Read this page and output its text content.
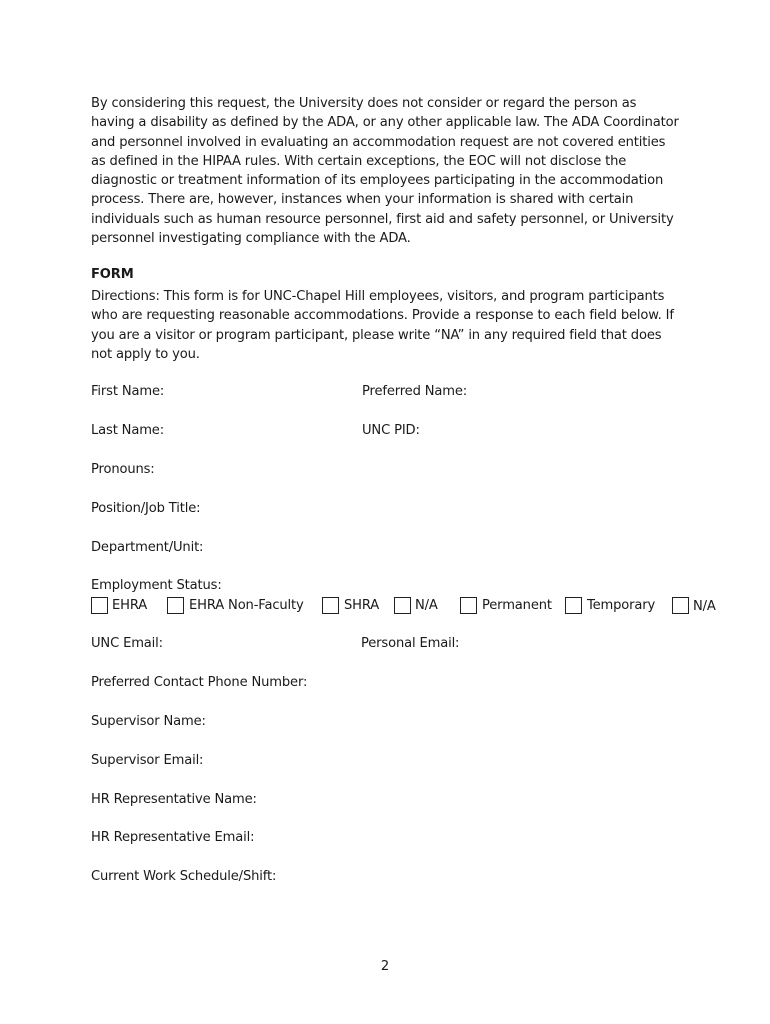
By considering this request, the University does not consider or regard the person as
having a disability as defined by the ADA, or any other applicable law. The ADA Coordinator
and personnel involved in evaluating an accommodation request are not covered entities
as defined in the HIPAA rules. With certain exceptions, the EOC will not disclose the
diagnostic or treatment information of its employees participating in the accommodation
process. There are, however, instances when your information is shared with certain
individuals such as human resource personnel, first aid and safety personnel, or University
personnel investigating compliance with the ADA.
FORM
Directions: This form is for UNC-Chapel Hill employees, visitors, and program participants
who are requesting reasonable accommodations. Provide a response to each field below. If
you are a visitor or program participant, please write “NA” in any required field that does
not apply to you.
First Name:	Preferred Name:
Last Name:	UNC PID:
Pronouns:
Position/Job Title:
Department/Unit:
Employment Status:
EHRA	EHRA Non-Faculty	SHRA	N/A	Permanent	Temporary	N/A
UNC Email:	Personal Email:
Preferred Contact Phone Number:
Supervisor Name:
Supervisor Email:
HR Representative Name:
HR Representative Email:
Current Work Schedule/Shift:
2
